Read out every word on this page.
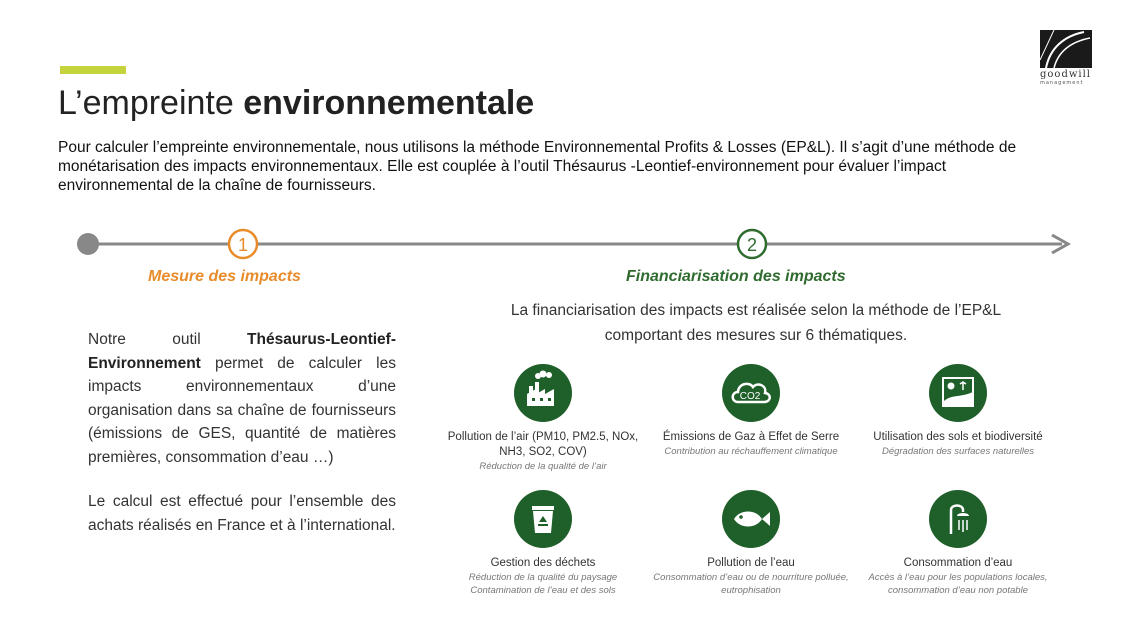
goodwill
management
L’empreinte environnementale
Pour calculer l’empreinte environnementale, nous utilisons la méthode Environnemental Profits & Losses (EP&L). Il s’agit d’une méthode de monétarisation des impacts environnementaux. Elle est couplée à l’outil Thésaurus -Leontief-environnement pour évaluer l’impact environnemental de la chaîne de fournisseurs.
1	2
Mesure des impacts	Financiarisation des impacts
La financiarisation des impacts est réalisée selon la méthode de l’EP&L comportant des mesures sur 6 thématiques.

Notre outil Thésaurus-Leontief-Environnement permet de calculer les impacts environnementaux d’une organisation dans sa chaîne de fournisseurs (émissions de GES, quantité de matières premières, consommation d’eau …)

Le calcul est effectué pour l’ensemble des achats réalisés en France et à l’international.

Pollution de l’air (PM10, PM2.5, NOx, NH3, SO2, COV)
Réduction de la qualité de l’air
CO2
Émissions de Gaz à Effet de Serre
Contribution au réchauffement climatique
Utilisation des sols et biodiversité
Dégradation des surfaces naturelles
Gestion des déchets
Réduction de la qualité du paysage Contamination de l’eau et des sols
Pollution de l’eau
Consommation d’eau ou de nourriture polluée, eutrophisation
Consommation d’eau
Accès à l’eau pour les populations locales, consommation d’eau non potable
